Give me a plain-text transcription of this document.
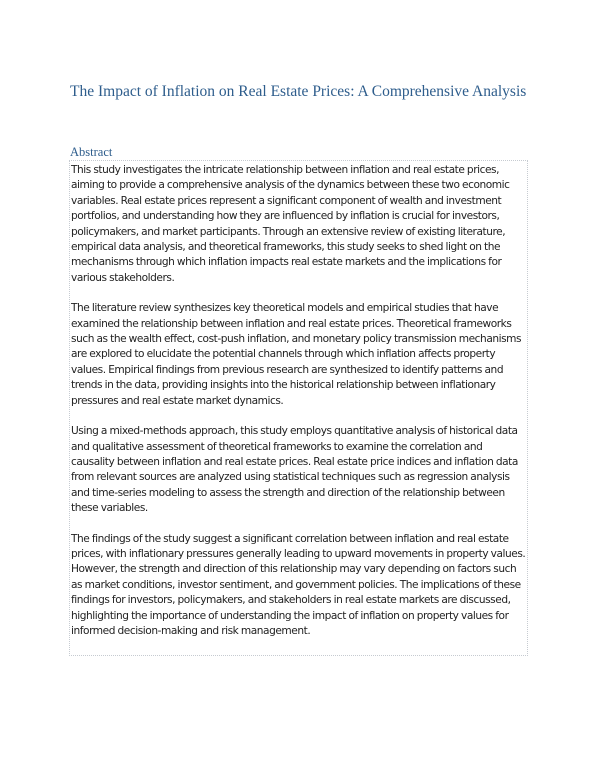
The Impact of Inflation on Real Estate Prices: A Comprehensive Analysis
Abstract

This study investigates the intricate relationship between inflation and real estate prices, aiming to provide a comprehensive analysis of the dynamics between these two economic variables. Real estate prices represent a significant component of wealth and investment portfolios, and understanding how they are influenced by inflation is crucial for investors, policymakers, and market participants. Through an extensive review of existing literature, empirical data analysis, and theoretical frameworks, this study seeks to shed light on the mechanisms through which inflation impacts real estate markets and the implications for various stakeholders.

The literature review synthesizes key theoretical models and empirical studies that have examined the relationship between inflation and real estate prices. Theoretical frameworks such as the wealth effect, cost-push inflation, and monetary policy transmission mechanisms are explored to elucidate the potential channels through which inflation affects property values. Empirical findings from previous research are synthesized to identify patterns and trends in the data, providing insights into the historical relationship between inflationary pressures and real estate market dynamics.

Using a mixed-methods approach, this study employs quantitative analysis of historical data and qualitative assessment of theoretical frameworks to examine the correlation and causality between inflation and real estate prices. Real estate price indices and inflation data from relevant sources are analyzed using statistical techniques such as regression analysis and time-series modeling to assess the strength and direction of the relationship between these variables.

The findings of the study suggest a significant correlation between inflation and real estate prices, with inflationary pressures generally leading to upward movements in property values. However, the strength and direction of this relationship may vary depending on factors such as market conditions, investor sentiment, and government policies. The implications of these findings for investors, policymakers, and stakeholders in real estate markets are discussed, highlighting the importance of understanding the impact of inflation on property values for informed decision-making and risk management.
